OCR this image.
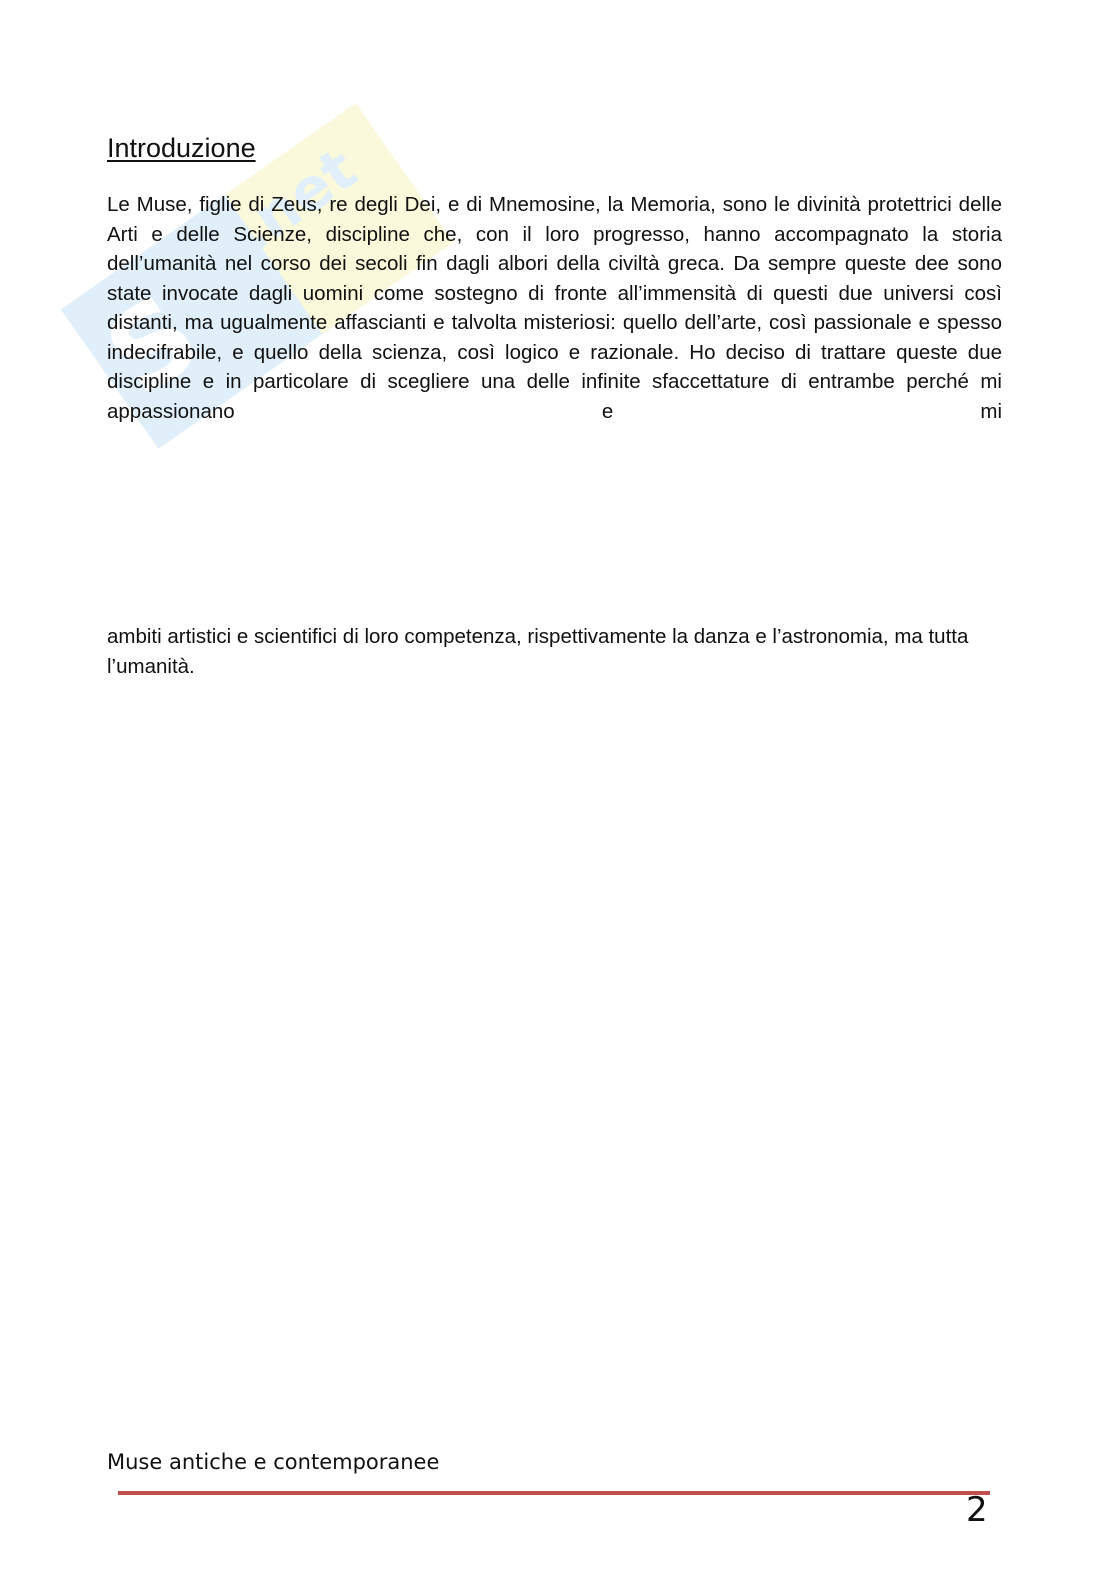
S
.net
Introduzione

Le Muse, figlie di Zeus, re degli Dei, e di Mnemosine, la Memoria, sono le divinità protettrici delle Arti e delle Scienze, discipline che, con il loro progresso, hanno accompagnato la storia dell’umanità nel corso dei secoli fin dagli albori della civiltà greca. Da sempre queste dee sono state invocate dagli uomini come sostegno di fronte all’immensità di questi due universi così distanti, ma ugualmente affascianti e talvolta misteriosi: quello dell’arte, così passionale e spesso indecifrabile, e quello della scienza, così logico e razionale. Ho deciso di trattare queste due discipline e in particolare di scegliere una delle infinite sfaccettature di entrambe perché mi appassionano e mi

ambiti artistici e scientifici di loro competenza, rispettivamente la danza e l’astronomia, ma tutta l’umanità.

Muse antiche e contemporanee
2
